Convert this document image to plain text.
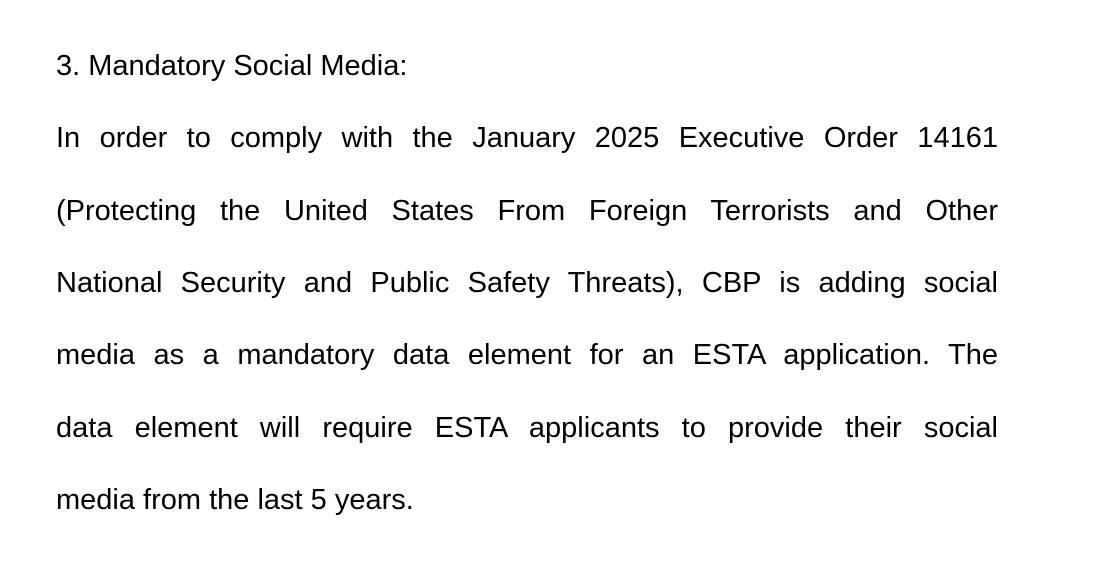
3. Mandatory Social Media:
In order to comply with the January 2025 Executive Order 14161
(Protecting the United States From Foreign Terrorists and Other
National Security and Public Safety Threats), CBP is adding social
media as a mandatory data element for an ESTA application. The
data element will require ESTA applicants to provide their social
media from the last 5 years.
